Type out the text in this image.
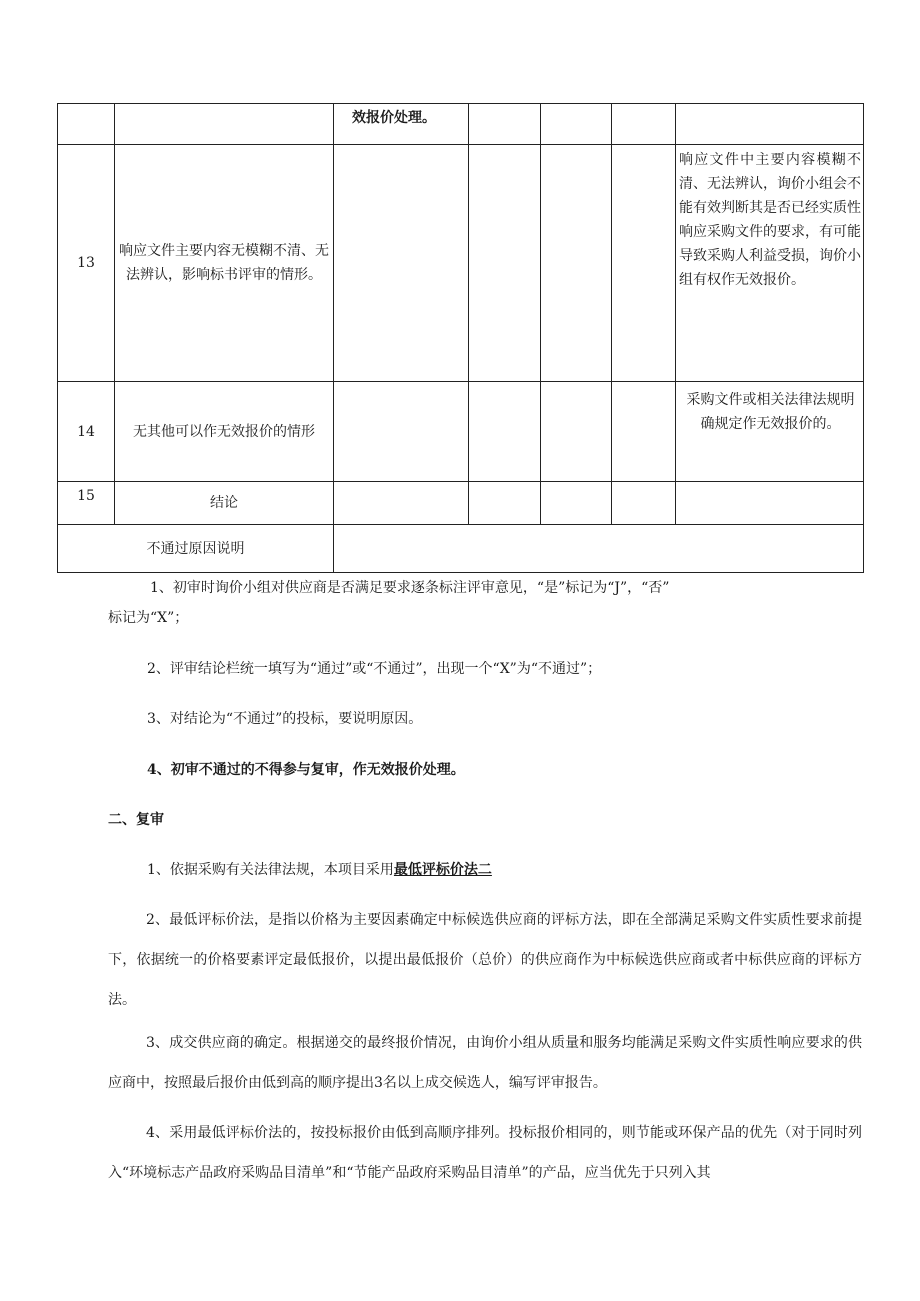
		效报价处理。				
13	响应文件主要内容无模糊不清、无法辨认，影响标书评审的情形。					响应文件中主要内容模糊不清、无法辨认，询价小组会不能有效判断其是否已经实质性响应采购文件的要求，有可能导致采购人利益受损，询价小组有权作无效报价。
14	无其他可以作无效报价的情形					采购文件或相关法律法规明确规定作无效报价的。
15	结论					
不通过原因说明						

1、初审时询价小组对供应商是否满足要求逐条标注评审意见，“是”标记为“J”，“否”

标记为“X”；

2、评审结论栏统一填写为“通过”或“不通过”，出现一个“X”为“不通过”；

3、对结论为“不通过”的投标，要说明原因。

4、初审不通过的不得参与复审，作无效报价处理。

二、复审

1、依据采购有关法律法规，本项目采用最低评标价法二

2、最低评标价法，是指以价格为主要因素确定中标候选供应商的评标方法，即在全部满足采购文件实质性要求前提下，依据统一的价格要素评定最低报价，以提出最低报价（总价）的供应商作为中标候选供应商或者中标供应商的评标方法。

3、成交供应商的确定。根据递交的最终报价情况，由询价小组从质量和服务均能满足采购文件实质性响应要求的供应商中，按照最后报价由低到高的顺序提出3名以上成交候选人，编写评审报告。

4、采用最低评标价法的，按投标报价由低到高顺序排列。投标报价相同的，则节能或环保产品的优先（对于同时列入“环境标志产品政府采购品目清单”和“节能产品政府采购品目清单”的产品，应当优先于只列入其
